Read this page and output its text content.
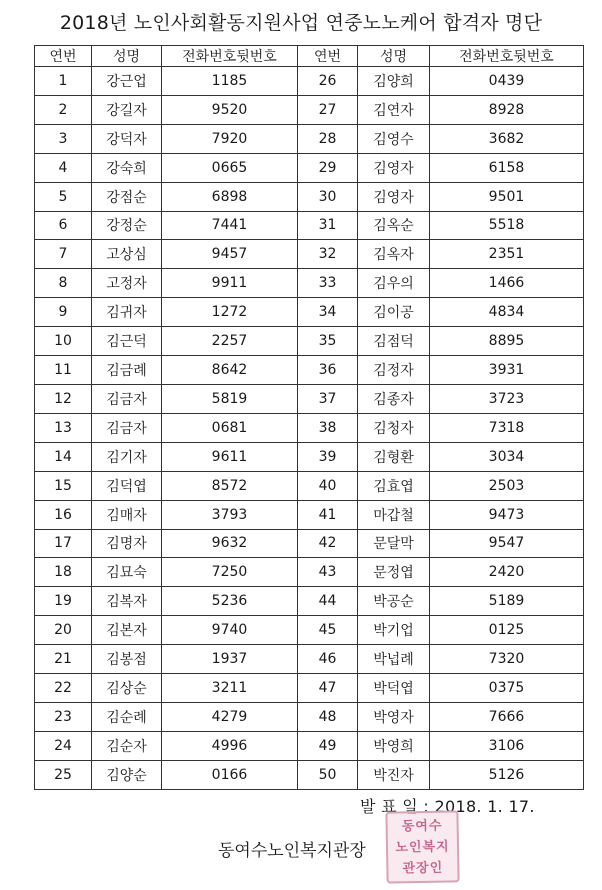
2018년 노인사회활동지원사업 연중노노케어 합격자 명단
연번	성명	전화번호뒷번호	연번	성명	전화번호뒷번호
1	강근업	1185	26	김양희	0439
2	강길자	9520	27	김연자	8928
3	강덕자	7920	28	김영수	3682
4	강숙희	0665	29	김영자	6158
5	강점순	6898	30	김영자	9501
6	강정순	7441	31	김옥순	5518
7	고상심	9457	32	김옥자	2351
8	고정자	9911	33	김우의	1466
9	김귀자	1272	34	김이공	4834
10	김근덕	2257	35	김점덕	8895
11	김금례	8642	36	김정자	3931
12	김금자	5819	37	김종자	3723
13	김금자	0681	38	김청자	7318
14	김기자	9611	39	김형환	3034
15	김덕엽	8572	40	김효엽	2503
16	김매자	3793	41	마갑철	9473
17	김명자	9632	42	문달막	9547
18	김묘숙	7250	43	문정엽	2420
19	김복자	5236	44	박공순	5189
20	김본자	9740	45	박기업	0125
21	김봉점	1937	46	박넙례	7320
22	김상순	3211	47	박덕엽	0375
23	김순례	4279	48	박영자	7666
24	김순자	4996	49	박영희	3106
25	김양순	0166	50	박진자	5126
발 표 일 : 2018. 1. 17.
동여수노인복지관장
동여수
노인복지
관장인
